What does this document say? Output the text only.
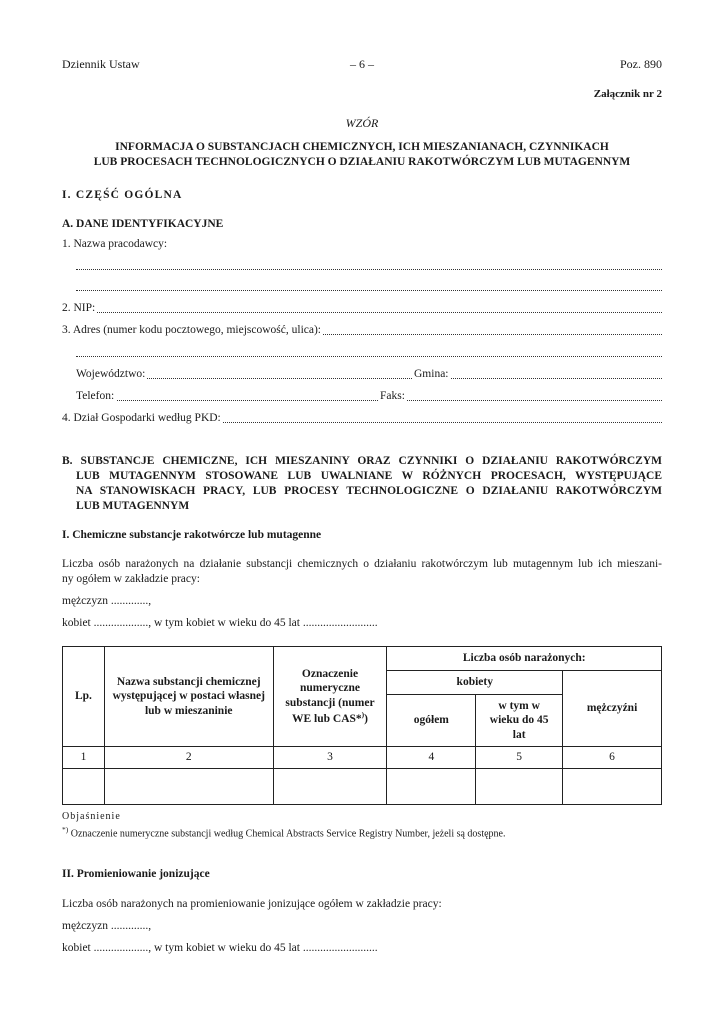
Dziennik Ustaw	– 6 –	Poz. 890
Załącznik nr 2
WZÓR
INFORMACJA O SUBSTANCJACH CHEMICZNYCH, ICH MIESZANIANACH, CZYNNIKACH
LUB PROCESACH TECHNOLOGICZNYCH O DZIAŁANIU RAKOTWÓRCZYM LUB MUTAGENNYM
I. CZĘŚĆ OGÓLNA
A. DANE IDENTYFIKACYJNE
1. Nazwa pracodawcy:
2. NIP:
3. Adres (numer kodu pocztowego, miejscowość, ulica):
Województwo:	Gmina:
Telefon:	Faks:
4. Dział Gospodarki według PKD:
B. SUBSTANCJE CHEMICZNE, ICH MIESZANINY ORAZ CZYNNIKI O DZIAŁANIU RAKOTWÓRCZYM
LUB MUTAGENNYM STOSOWANE LUB UWALNIANE W RÓŻNYCH PROCESACH, WYSTĘPUJĄCE
NA STANOWISKACH PRACY, LUB PROCESY TECHNOLOGICZNE O DZIAŁANIU RAKOTWÓRCZYM
LUB MUTAGENNYM
I. Chemiczne substancje rakotwórcze lub mutagenne
Liczba osób narażonych na działanie substancji chemicznych o działaniu rakotwórczym lub mutagennym lub ich mieszani-
ny ogółem w zakładzie pracy:
mężczyzn .............,
kobiet ..................., w tym kobiet w wieku do 45 lat ..........................
Lp.	Nazwa substancji chemicznej występującej w postaci własnej lub w mieszaninie	Oznaczenie numeryczne substancji (numer WE lub CAS*))	Liczba osób narażonych:		
			kobiety		mężczyźni
			ogółem	w tym w wieku do 45 lat	
1	2	3	4	5	6

Objaśnienie
*) Oznaczenie numeryczne substancji według Chemical Abstracts Service Registry Number, jeżeli są dostępne.
II. Promieniowanie jonizujące
Liczba osób narażonych na promieniowanie jonizujące ogółem w zakładzie pracy:
mężczyzn .............,
kobiet ..................., w tym kobiet w wieku do 45 lat ..........................
